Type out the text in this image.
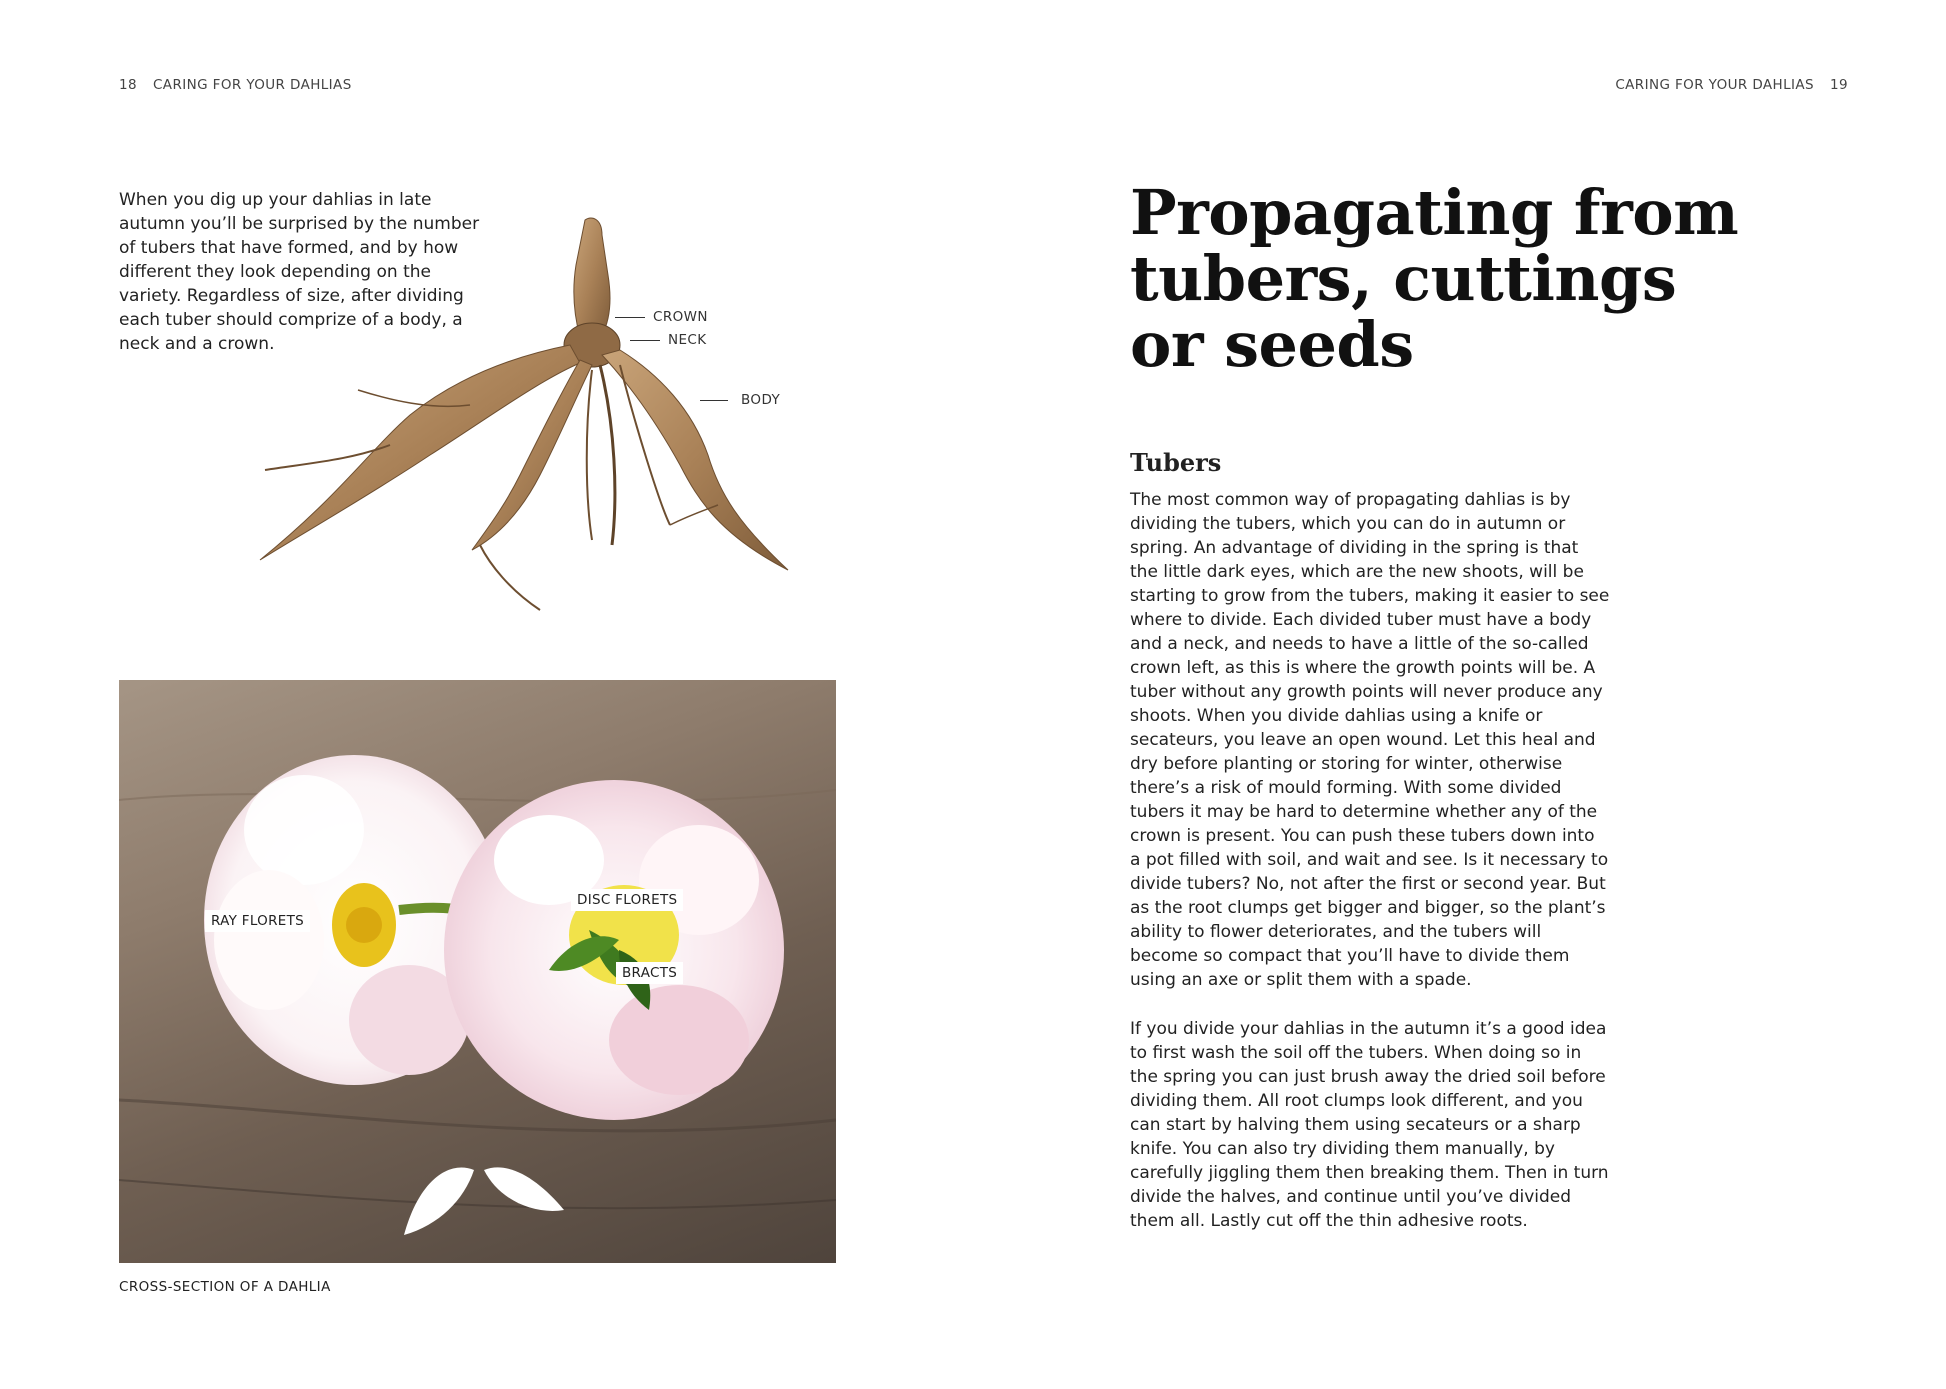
18 CARING FOR YOUR DAHLIAS	CARING FOR YOUR DAHLIAS 19

When you dig up your dahlias in late autumn you’ll be surprised by the number of tubers that have formed, and by how different they look depending on the variety. Regardless of size, after dividing each tuber should comprize of a body, a neck and a crown.

CROWN
NECK
BODY
RAY FLORETS
DISC FLORETS
BRACTS
CROSS-SECTION OF A DAHLIA
Propagating from tubers, cuttings or seeds
Tubers

The most common way of propagating dahlias is by dividing the tubers, which you can do in autumn or spring. An advantage of dividing in the spring is that the little dark eyes, which are the new shoots, will be starting to grow from the tubers, making it easier to see where to divide. Each divided tuber must have a body and a neck, and needs to have a little of the so-called crown left, as this is where the growth points will be. A tuber without any growth points will never produce any shoots. When you divide dahlias using a knife or secateurs, you leave an open wound. Let this heal and dry before planting or storing for winter, otherwise there’s a risk of mould forming. With some divided tubers it may be hard to determine whether any of the crown is present. You can push these tubers down into a pot filled with soil, and wait and see. Is it necessary to divide tubers? No, not after the first or second year. But as the root clumps get bigger and bigger, so the plant’s ability to flower deteriorates, and the tubers will become so compact that you’ll have to divide them using an axe or split them with a spade.

If you divide your dahlias in the autumn it’s a good idea to first wash the soil off the tubers. When doing so in the spring you can just brush away the dried soil before dividing them. All root clumps look different, and you can start by halving them using secateurs or a sharp knife. You can also try dividing them manually, by carefully jiggling them then breaking them. Then in turn divide the halves, and continue until you’ve divided them all. Lastly cut off the thin adhesive roots.
